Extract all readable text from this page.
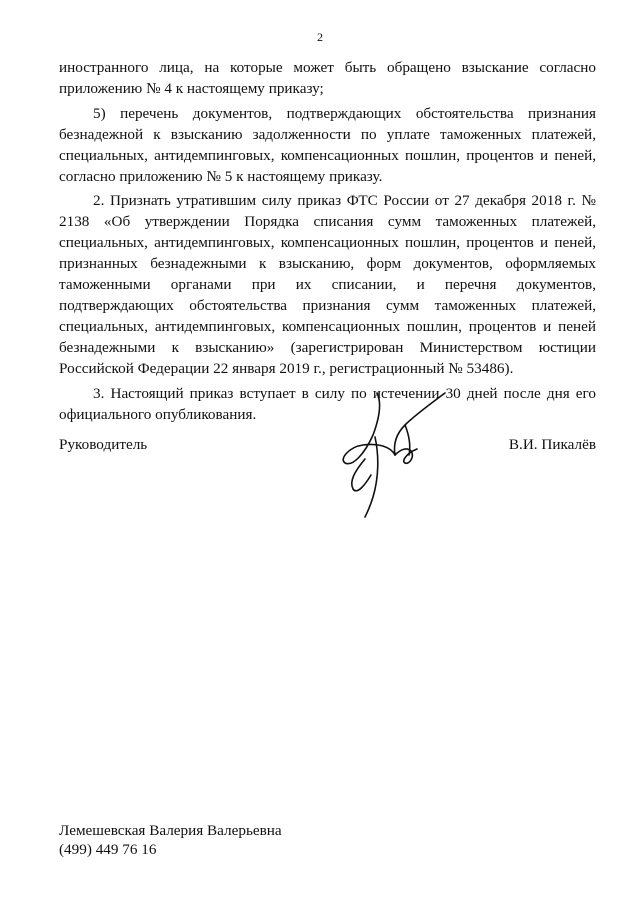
2

иностранного лица, на которые может быть обращено взыскание согласно приложению № 4 к настоящему приказу;

5) перечень документов, подтверждающих обстоятельства признания безнадежной к взысканию задолженности по уплате таможенных платежей, специальных, антидемпинговых, компенсационных пошлин, процентов и пеней, согласно приложению № 5 к настоящему приказу.

2. Признать утратившим силу приказ ФТС России от 27 декабря 2018 г. № 2138 «Об утверждении Порядка списания сумм таможенных платежей, специальных, антидемпинговых, компенсационных пошлин, процентов и пеней, признанных безнадежными к взысканию, форм документов, оформляемых таможенными органами при их списании, и перечня документов, подтверждающих обстоятельства признания сумм таможенных платежей, специальных, антидемпинговых, компенсационных пошлин, процентов и пеней безнадежными к взысканию» (зарегистрирован Министерством юстиции Российской Федерации 22 января 2019 г., регистрационный № 53486).

3. Настоящий приказ вступает в силу по истечении 30 дней после дня его официального опубликования.

Руководитель	В.И. Пикалёв
Лемешевская Валерия Валерьевна
(499) 449 76 16
